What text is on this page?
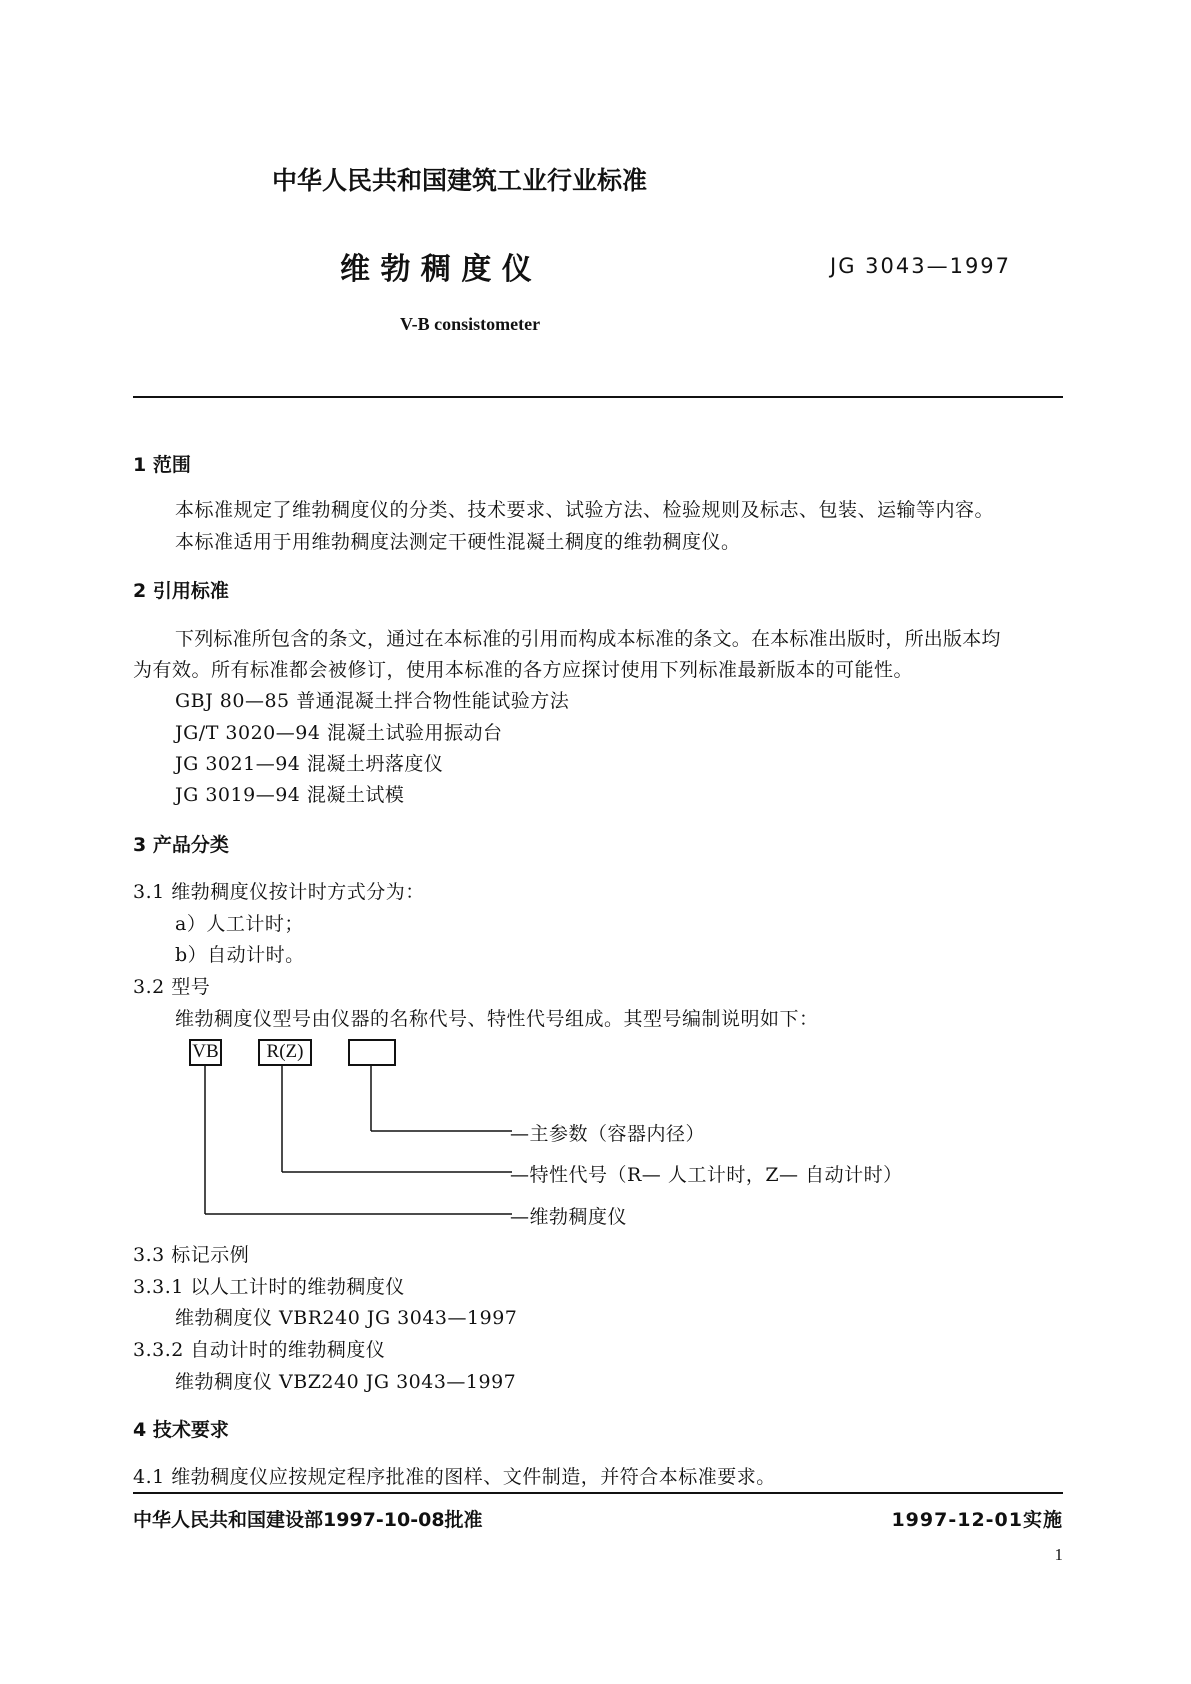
中华人民共和国建筑工业行业标准
维 勃 稠 度 仪	JG 3043—1997
V-B consistometer
1 范围
本标准规定了维勃稠度仪的分类、技术要求、试验方法、检验规则及标志、包装、运输等内容。
本标准适用于用维勃稠度法测定干硬性混凝土稠度的维勃稠度仪。
2 引用标准
下列标准所包含的条文，通过在本标准的引用而构成本标准的条文。在本标准出版时，所出版本均
为有效。所有标准都会被修订，使用本标准的各方应探讨使用下列标准最新版本的可能性。
GBJ 80—85 普通混凝土拌合物性能试验方法
JG/T 3020—94 混凝土试验用振动台
JG 3021—94 混凝土坍落度仪
JG 3019—94 混凝土试模
3 产品分类
3.1 维勃稠度仪按计时方式分为：
a）人工计时；
b）自动计时。
3.2 型号
维勃稠度仪型号由仪器的名称代号、特性代号组成。其型号编制说明如下：
VB	R(Z)
—主参数（容器内径）
—特性代号（R— 人工计时，Z— 自动计时）
—维勃稠度仪
3.3 标记示例
3.3.1 以人工计时的维勃稠度仪
维勃稠度仪 VBR240 JG 3043—1997
3.3.2 自动计时的维勃稠度仪
维勃稠度仪 VBZ240 JG 3043—1997
4 技术要求
4.1 维勃稠度仪应按规定程序批准的图样、文件制造，并符合本标准要求。
中华人民共和国建设部1997-10-08批准	1997-12-01实施
1
